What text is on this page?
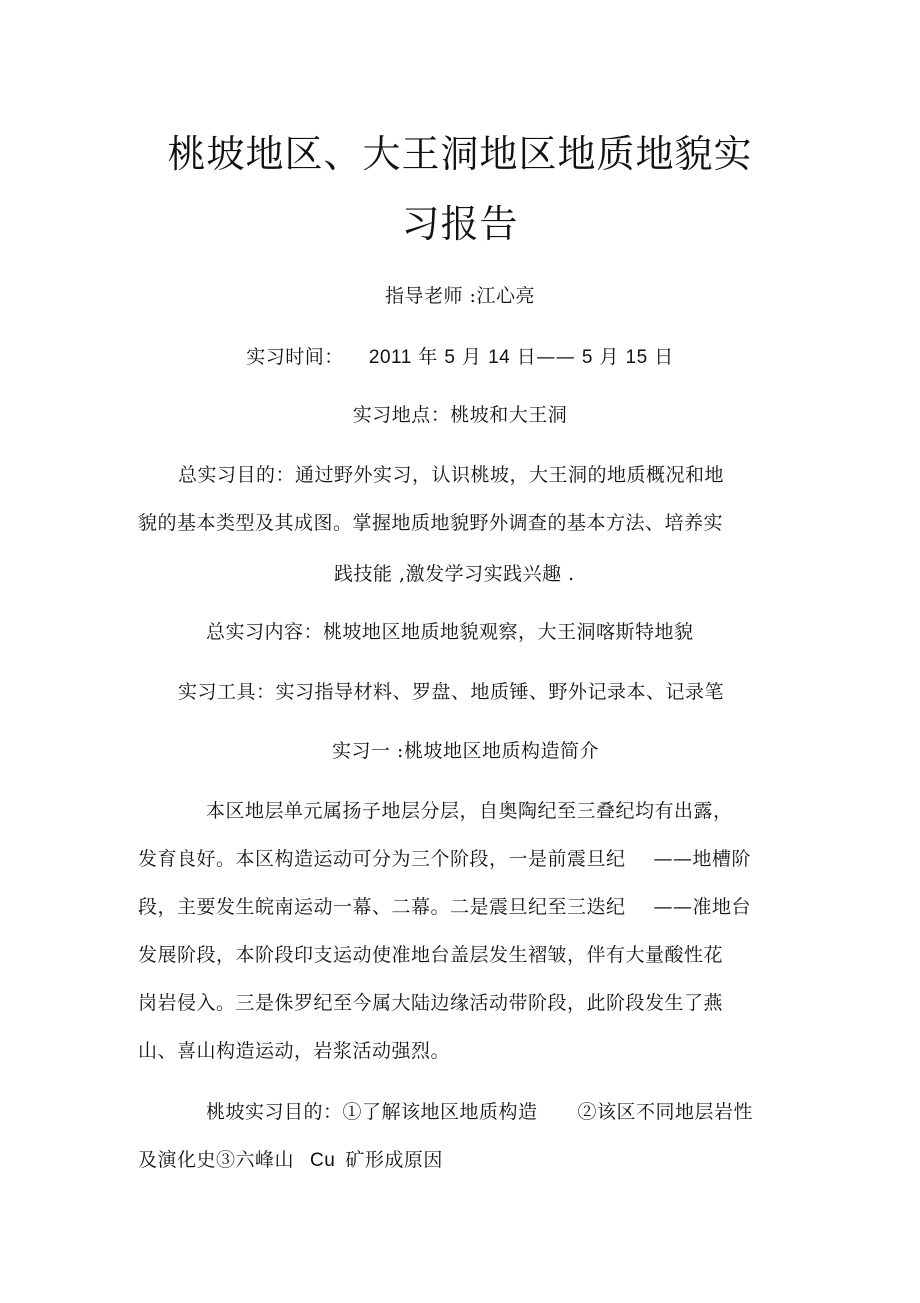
桃坡地区、大王洞地区地质地貌实
习报告
指导老师 :江心亮
实习时间： 2011 年 5 月 14 日—— 5 月 15 日
实习地点：桃坡和大王洞
总实习目的：通过野外实习，认识桃坡，大王洞的地质概况和地
貌的基本类型及其成图。掌握地质地貌野外调查的基本方法、培养实
践技能 ,激发学习实践兴趣 .
总实习内容：桃坡地区地质地貌观察，大王洞喀斯特地貌
实习工具：实习指导材料、罗盘、地质锤、野外记录本、记录笔
实习一 :桃坡地区地质构造简介
本区地层单元属扬子地层分层，自奥陶纪至三叠纪均有出露，
发育良好。本区构造运动可分为三个阶段，一是前震旦纪 ——地槽阶
段，主要发生皖南运动一幕、二幕。二是震旦纪至三迭纪 ——准地台
发展阶段，本阶段印支运动使准地台盖层发生褶皱，伴有大量酸性花
岗岩侵入。三是侏罗纪至今属大陆边缘活动带阶段，此阶段发生了燕
山、喜山构造运动，岩浆活动强烈。
桃坡实习目的：①了解该地区地质构造 ②该区不同地层岩性
及演化史③六峰山 Cu 矿形成原因
